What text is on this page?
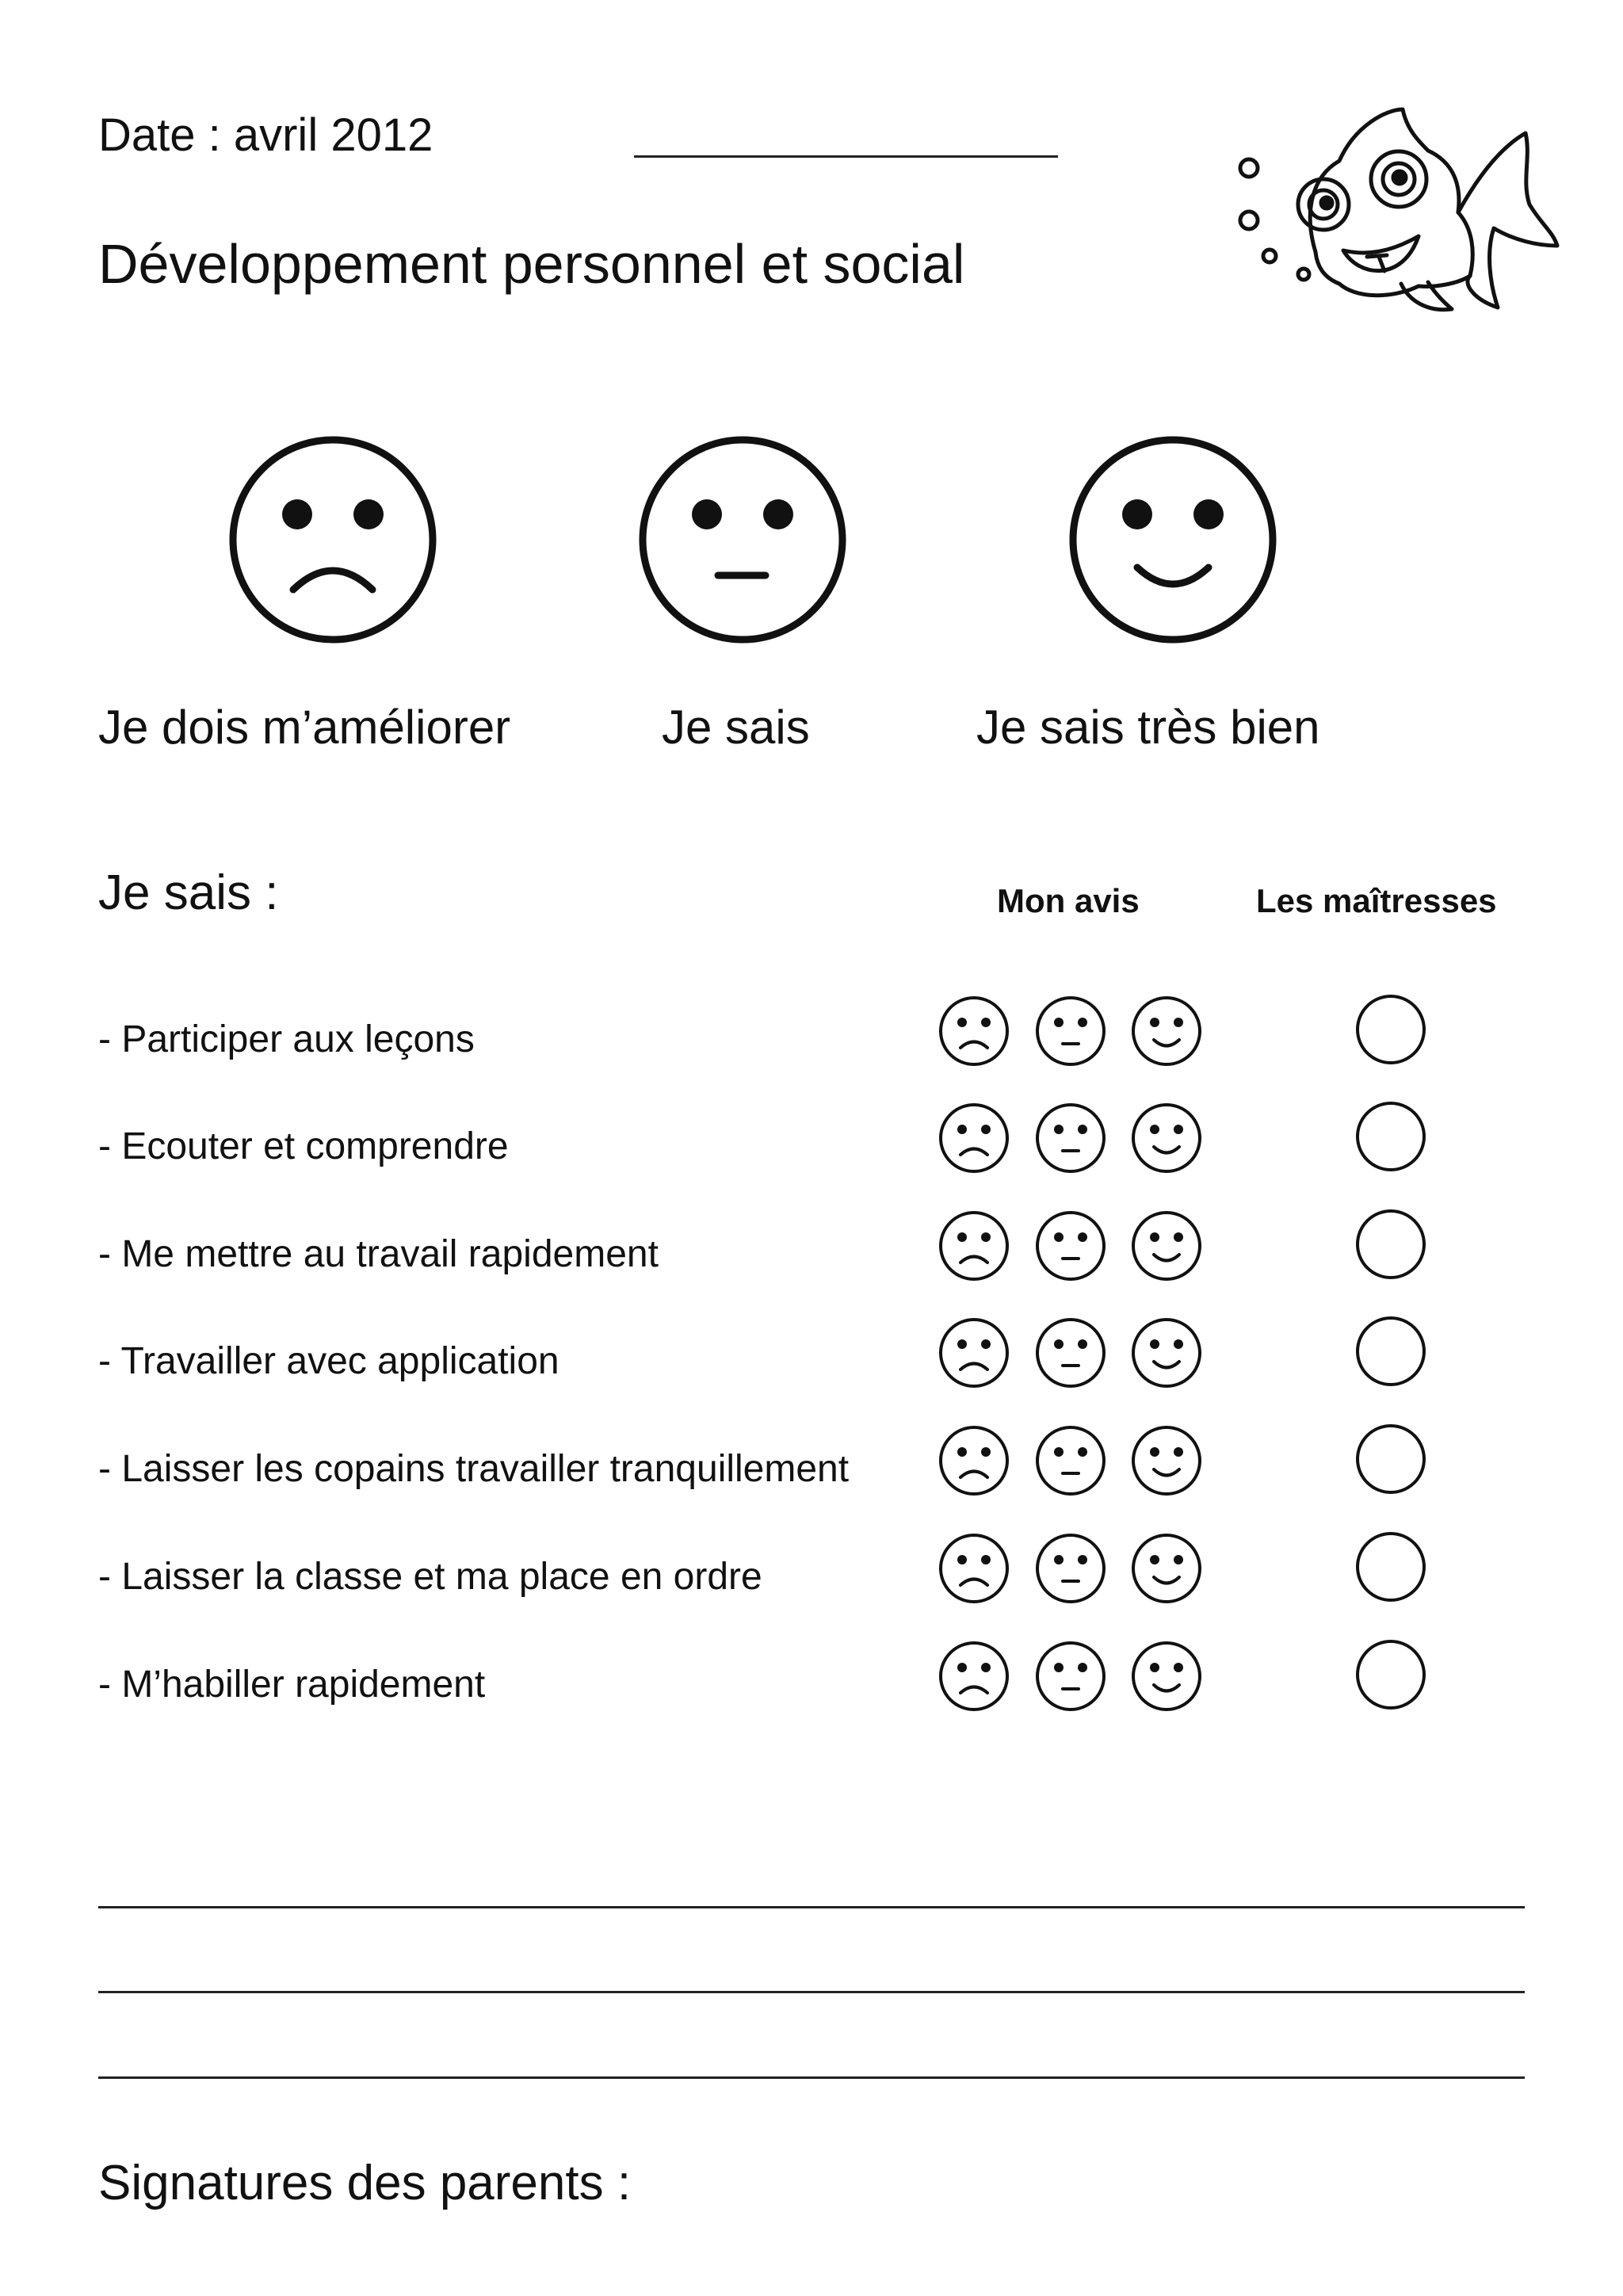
Date : avril 2012
Développement personnel et social
Je dois m’améliorer	Je sais	Je sais très bien
Je sais :	Mon avis	Les maîtresses
- Participer aux leçons
- Ecouter et comprendre
- Me mettre au travail rapidement
- Travailler avec application
- Laisser les copains travailler tranquillement
- Laisser la classe et ma place en ordre
- M’habiller rapidement
Signatures des parents :
